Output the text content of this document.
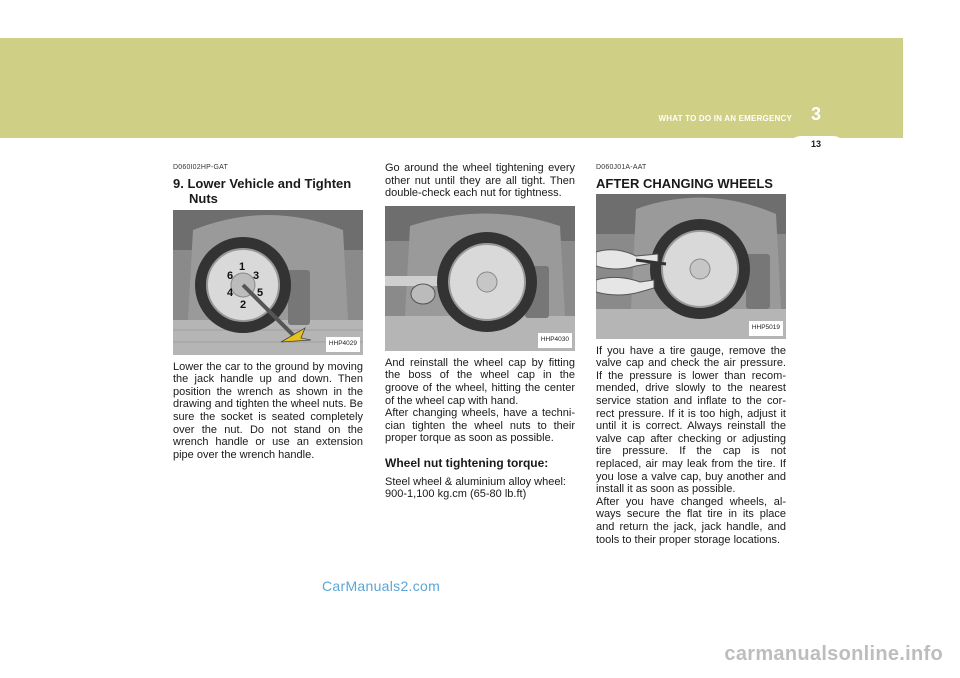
WHAT TO DO IN AN EMERGENCY	3
13
D060I02HP-GAT
9. Lower Vehicle and Tighten Nuts
1
2
3
4 5
6
HHP4029

Lower the car to the ground by moving the jack handle up and down. Then position the wrench as shown in the drawing and tighten the wheel nuts. Be sure the socket is seated completely over the nut. Do not stand on the wrench handle or use an extension pipe over the wrench handle.

Go around the wheel tightening every other nut until they are all tight. Then double-check each nut for tightness.

HHP4030

And reinstall the wheel cap by fitting the boss of the wheel cap in the groove of the wheel, hitting the center of the wheel cap with hand.

After changing wheels, have a techni-cian tighten the wheel nuts to their proper torque as soon as possible.

Wheel nut tightening torque:

Steel wheel & aluminium alloy wheel: 900-1,100 kg.cm (65-80 lb.ft)

D060J01A-AAT
AFTER CHANGING WHEELS
HHP5019

If you have a tire gauge, remove the valve cap and check the air pressure. If the pressure is lower than recom-mended, drive slowly to the nearest service station and inflate to the cor-rect pressure. If it is too high, adjust it until it is correct. Always reinstall the valve cap after checking or adjusting tire pressure. If the cap is not replaced, air may leak from the tire. If you lose a valve cap, buy another and install it as soon as possible.

After you have changed wheels, al-ways secure the flat tire in its place and return the jack, jack handle, and tools to their proper storage locations.

CarManuals2.com
carmanualsonline.info
